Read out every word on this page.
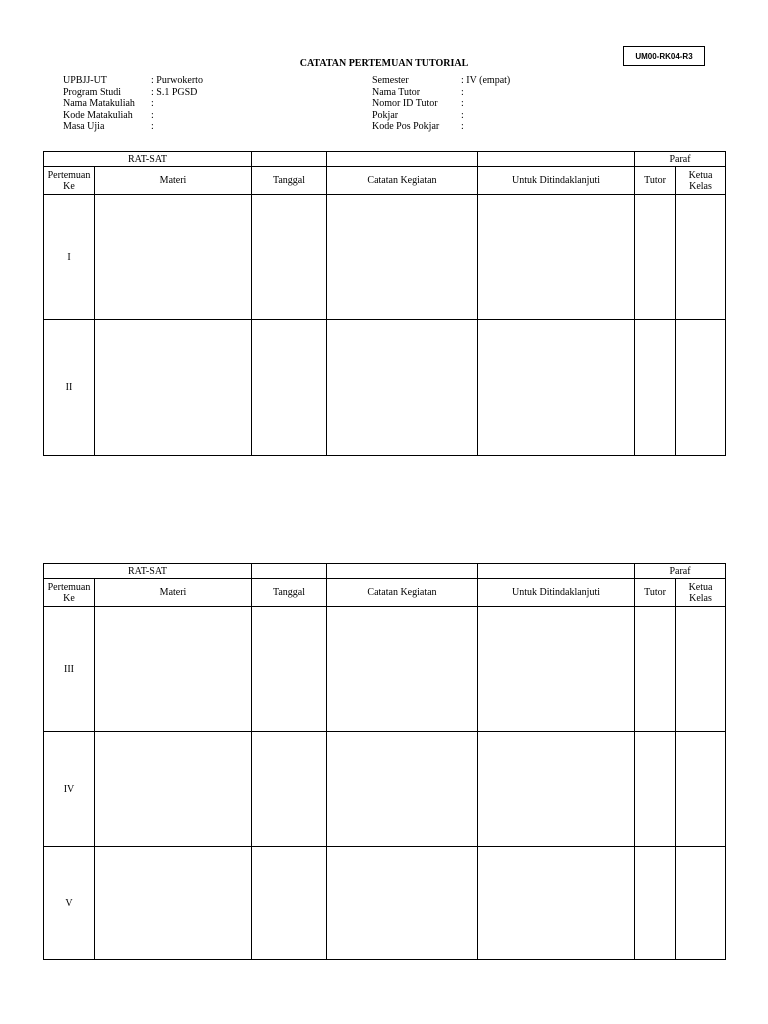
UM00-RK04-R3
CATATAN PERTEMUAN TUTORIAL
UPBJJ-UT	: Purwokerto
Program Studi	: S.1 PGSD
Nama Matakuliah	:
Kode Matakuliah	:
Masa Ujia	:
Semester	: IV (empat)
Nama Tutor	:
Nomor ID Tutor	:
Pokjar	:
Kode Pos Pokjar	:
RAT-SAT					Paraf	
Pertemuan
Ke	Materi	Tanggal	Catatan Kegiatan	Untuk Ditindaklanjuti	Tutor	Ketua
Kelas
I						
II						
RAT-SAT					Paraf	
Pertemuan
Ke	Materi	Tanggal	Catatan Kegiatan	Untuk Ditindaklanjuti	Tutor	Ketua
Kelas
III						
IV						
V						
